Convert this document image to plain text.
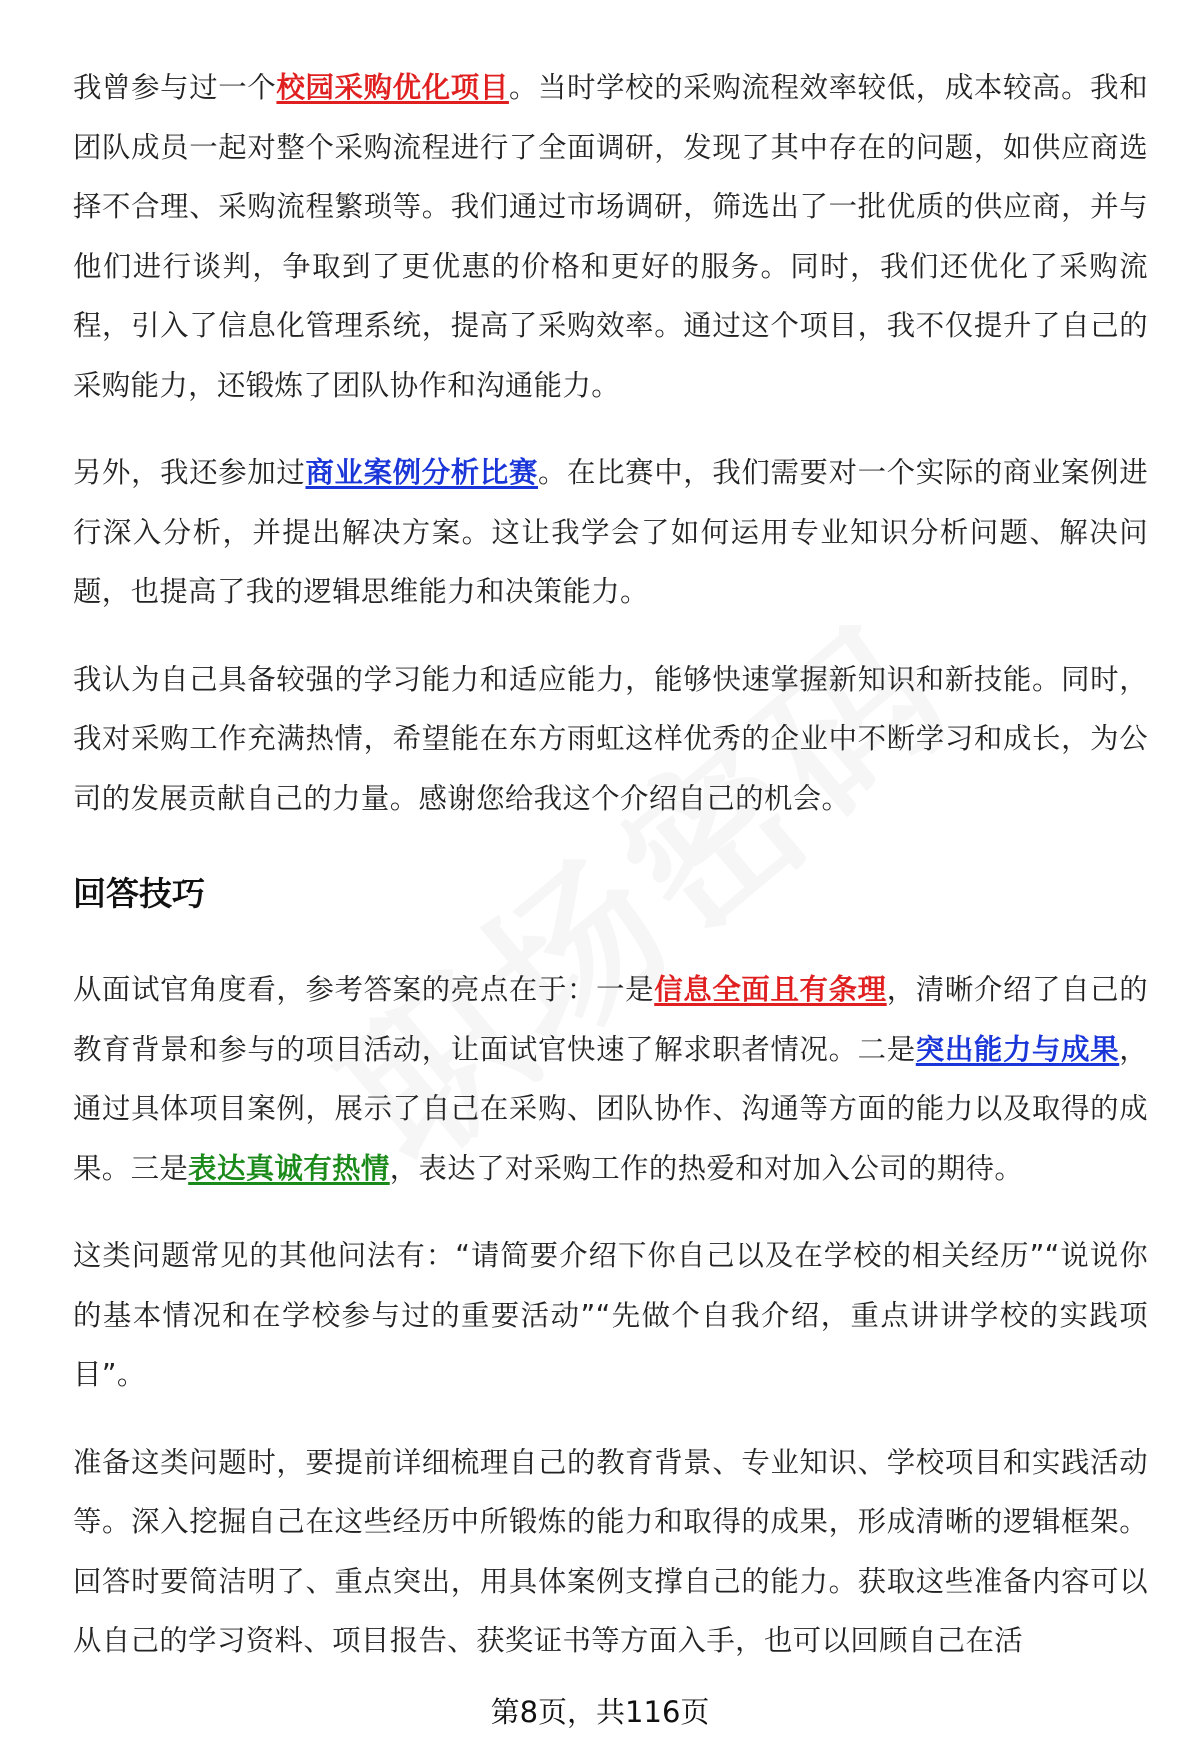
我曾参与过一个校园采购优化项目。当时学校的采购流程效率较低，成本较高。我和团队成员一起对整个采购流程进行了全面调研，发现了其中存在的问题，如供应商选择不合理、采购流程繁琐等。我们通过市场调研，筛选出了一批优质的供应商，并与他们进行谈判，争取到了更优惠的价格和更好的服务。同时，我们还优化了采购流程，引入了信息化管理系统，提高了采购效率。通过这个项目，我不仅提升了自己的采购能力，还锻炼了团队协作和沟通能力。

另外，我还参加过商业案例分析比赛。在比赛中，我们需要对一个实际的商业案例进行深入分析，并提出解决方案。这让我学会了如何运用专业知识分析问题、解决问题，也提高了我的逻辑思维能力和决策能力。

我认为自己具备较强的学习能力和适应能力，能够快速掌握新知识和新技能。同时，我对采购工作充满热情，希望能在东方雨虹这样优秀的企业中不断学习和成长，为公司的发展贡献自己的力量。感谢您给我这个介绍自己的机会。

回答技巧

从面试官角度看，参考答案的亮点在于：一是信息全面且有条理，清晰介绍了自己的教育背景和参与的项目活动，让面试官快速了解求职者情况。二是突出能力与成果，通过具体项目案例，展示了自己在采购、团队协作、沟通等方面的能力以及取得的成果。三是表达真诚有热情，表达了对采购工作的热爱和对加入公司的期待。

这类问题常见的其他问法有：“请简要介绍下你自己以及在学校的相关经历”“说说你的基本情况和在学校参与过的重要活动”“先做个自我介绍，重点讲讲学校的实践项目”。

准备这类问题时，要提前详细梳理自己的教育背景、专业知识、学校项目和实践活动等。深入挖掘自己在这些经历中所锻炼的能力和取得的成果，形成清晰的逻辑框架。回答时要简洁明了、重点突出，用具体案例支撑自己的能力。获取这些准备内容可以从自己的学习资料、项目报告、获奖证书等方面入手，也可以回顾自己在活

第8页，共116页
